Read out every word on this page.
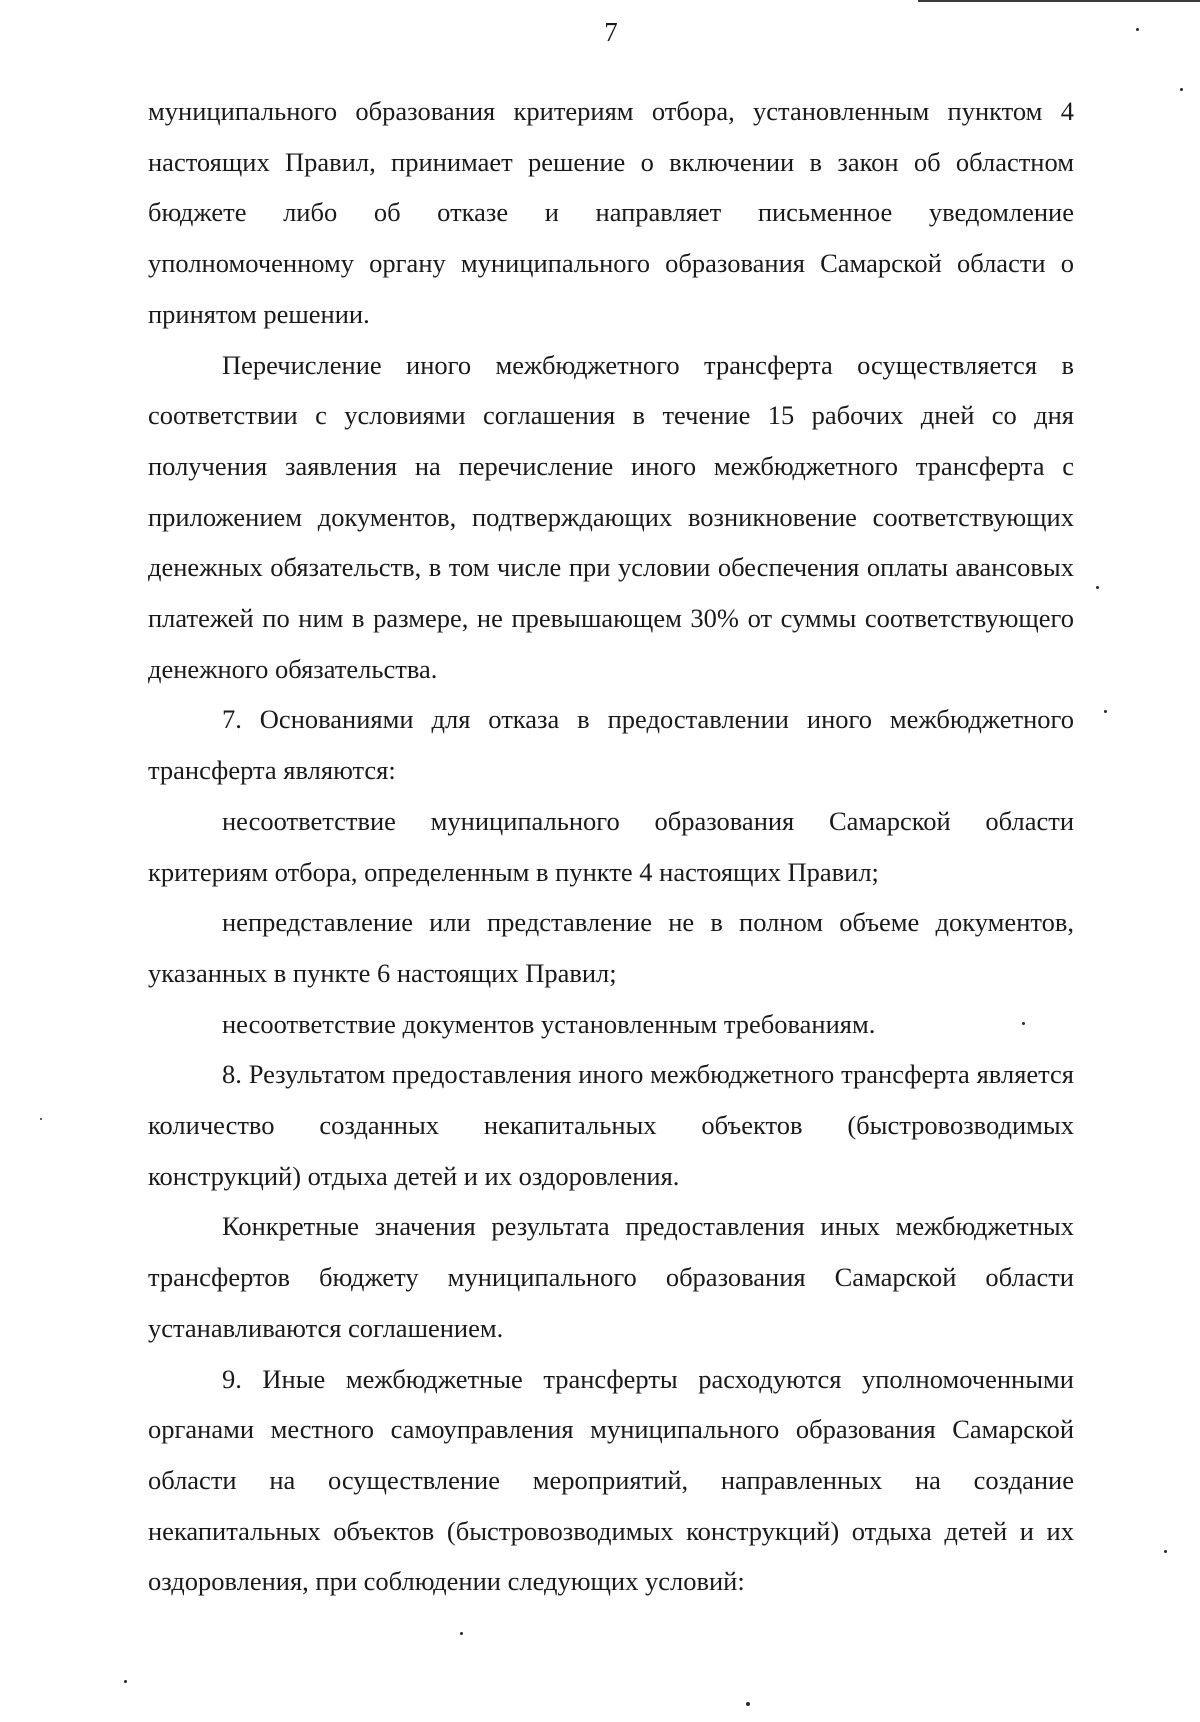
7

муниципального образования критериям отбора, установленным пунктом 4 настоящих Правил, принимает решение о включении в закон об областном бюджете либо об отказе и направляет письменное уведомление уполномоченному органу муниципального образования Самарской области о принятом решении.

Перечисление иного межбюджетного трансферта осуществляется в соответствии с условиями соглашения в течение 15 рабочих дней со дня получения заявления на перечисление иного межбюджетного трансферта с приложением документов, подтверждающих возникновение соответствующих денежных обязательств, в том числе при условии обеспечения оплаты авансовых платежей по ним в размере, не превышающем 30% от суммы соответствующего денежного обязательства.

7. Основаниями для отказа в предоставлении иного межбюджетного трансферта являются:

несоответствие муниципального образования Самарской области критериям отбора, определенным в пункте 4 настоящих Правил;

непредставление или представление не в полном объеме документов, указанных в пункте 6 настоящих Правил;

несоответствие документов установленным требованиям.

8. Результатом предоставления иного межбюджетного трансферта является количество созданных некапитальных объектов (быстровозводимых конструкций) отдыха детей и их оздоровления.

Конкретные значения результата предоставления иных межбюджетных трансфертов бюджету муниципального образования Самарской области устанавливаются соглашением.

9. Иные межбюджетные трансферты расходуются уполномоченными органами местного самоуправления муниципального образования Самарской области на осуществление мероприятий, направленных на создание некапитальных объектов (быстровозводимых конструкций) отдыха детей и их оздоровления, при соблюдении следующих условий:
